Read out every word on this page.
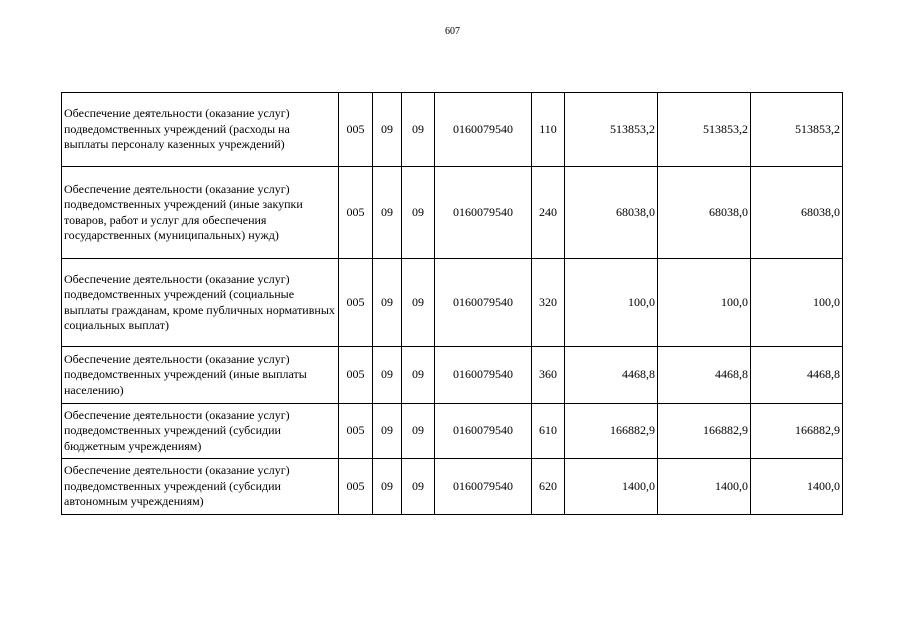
607
Обеспечение деятельности (оказание услуг) подведомственных учреждений (расходы на выплаты персоналу казенных учреждений)	005	09	09	0160079540	110	513853,2	513853,2	513853,2
Обеспечение деятельности (оказание услуг) подведомственных учреждений (иные закупки товаров, работ и услуг для обеспечения государственных (муниципальных) нужд)	005	09	09	0160079540	240	68038,0	68038,0	68038,0
Обеспечение деятельности (оказание услуг) подведомственных учреждений (социальные выплаты гражданам, кроме публичных нормативных социальных выплат)	005	09	09	0160079540	320	100,0	100,0	100,0
Обеспечение деятельности (оказание услуг) подведомственных учреждений (иные выплаты населению)	005	09	09	0160079540	360	4468,8	4468,8	4468,8
Обеспечение деятельности (оказание услуг) подведомственных учреждений (субсидии бюджетным учреждениям)	005	09	09	0160079540	610	166882,9	166882,9	166882,9
Обеспечение деятельности (оказание услуг) подведомственных учреждений (субсидии автономным учреждениям)	005	09	09	0160079540	620	1400,0	1400,0	1400,0
